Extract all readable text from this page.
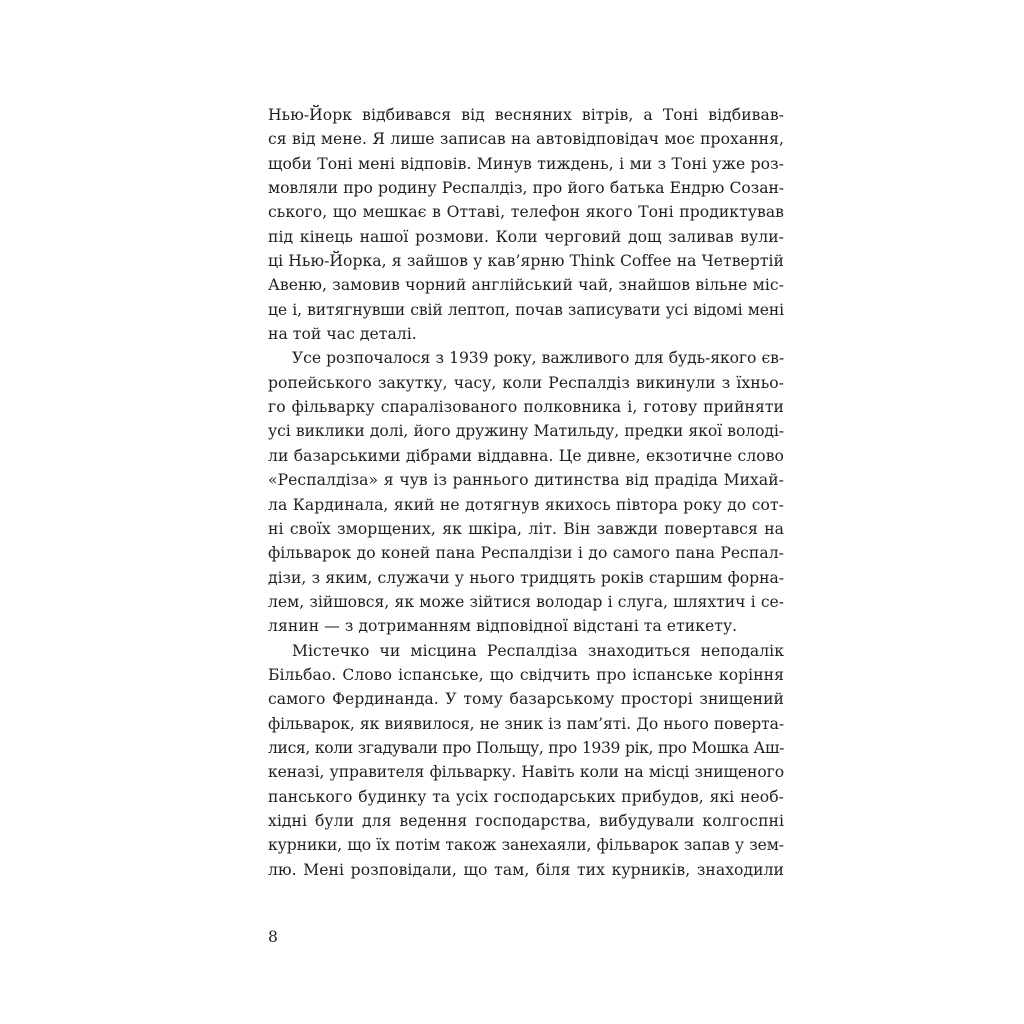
Нью-Йорк відбивався від весняних вітрів, а Тоні відбивав-
ся від мене. Я лише записав на автовідповідач моє прохання,
щоби Тоні мені відповів. Минув тиждень, і ми з Тоні уже роз-
мовляли про родину Респалдіз, про його батька Ендрю Созан-
ського, що мешкає в Оттаві, телефон якого Тоні продиктував
під кінець нашої розмови. Коли черговий дощ заливав вули-
ці Нью-Йорка, я зайшов у кав’ярню Think Coffee на Четвертій
Авеню, замовив чорний англійський чай, знайшов вільне міс-
це і, витягнувши свій лептоп, почав записувати усі відомі мені
на той час деталі.
Усе розпочалося з 1939 року, важливого для будь-якого єв-
ропейського закутку, часу, коли Респалдіз викинули з їхньо-
го фільварку спаралізованого полковника і, готову прийняти
усі виклики долі, його дружину Матильду, предки якої володі-
ли базарськими дібрами віддавна. Це дивне, екзотичне слово
«Респалдіза» я чув із раннього дитинства від прадіда Михай-
ла Кардинала, який не дотягнув якихось півтора року до сот-
ні своїх зморщених, як шкіра, літ. Він завжди повертався на
фільварок до коней пана Респалдізи і до самого пана Респал-
дізи, з яким, служачи у нього тридцять років старшим форна-
лем, зійшовся, як може зійтися володар і слуга, шляхтич і се-
лянин — з дотриманням відповідної відстані та етикету.
Містечко чи місцина Респалдіза знаходиться неподалік
Більбао. Слово іспанське, що свідчить про іспанське коріння
самого Фердинанда. У тому базарському просторі знищений
фільварок, як виявилося, не зник із пам’яті. До нього поверта-
лися, коли згадували про Польщу, про 1939 рік, про Мошка Аш-
кеназі, управителя фільварку. Навіть коли на місці знищеного
панського будинку та усіх господарських прибудов, які необ-
хідні були для ведення господарства, вибудували колгоспні
курники, що їх потім також занехаяли, фільварок запав у зем-
лю. Мені розповідали, що там, біля тих курників, знаходили
8
